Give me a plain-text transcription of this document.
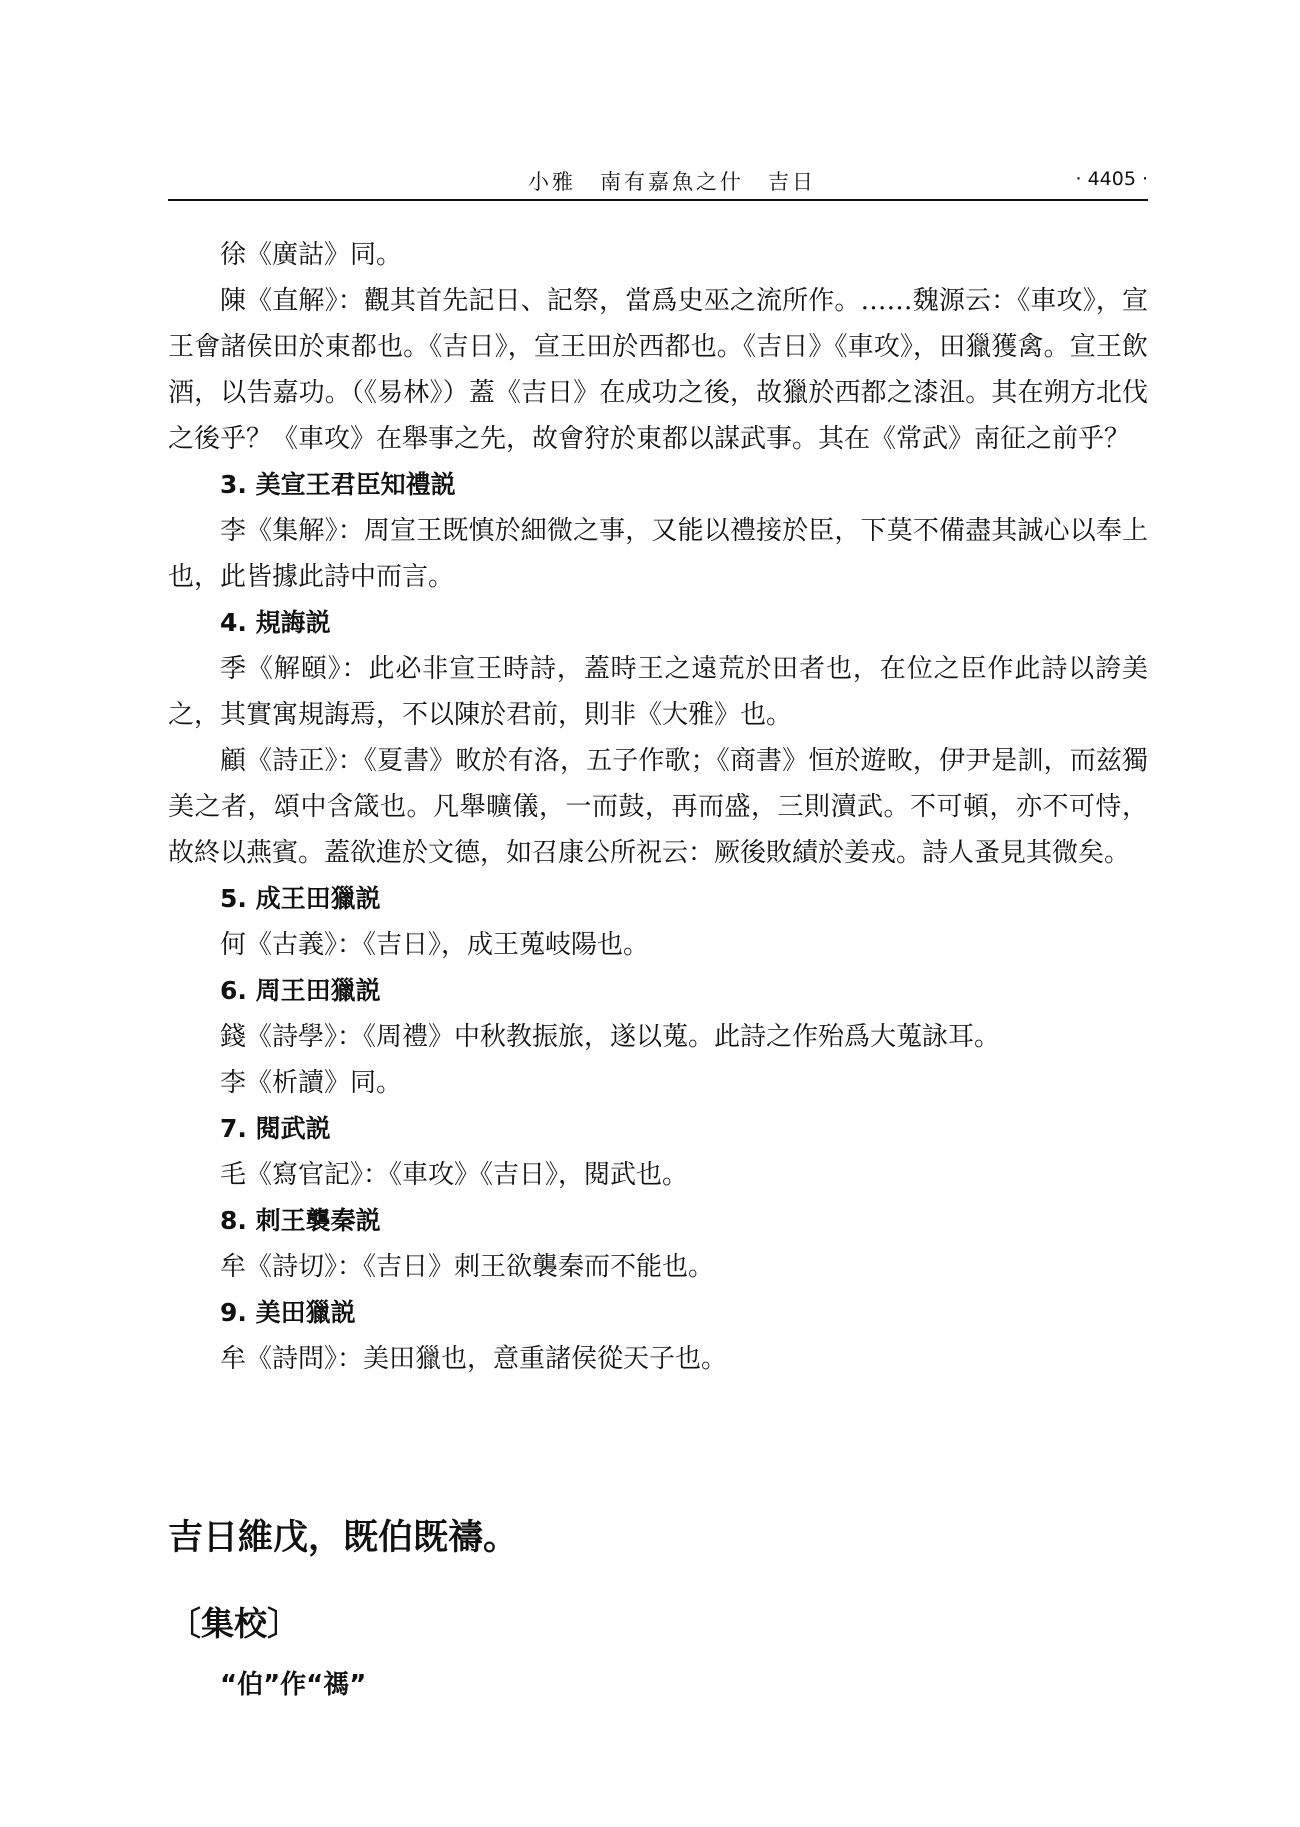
小雅　南有嘉魚之什　吉日	· 4405 ·

徐《廣詁》同。

陳《直解》：觀其首先記日、記祭，當爲史巫之流所作。……魏源云：《車攻》，宣王會諸侯田於東都也。《吉日》，宣王田於西都也。《吉日》《車攻》，田獵獲禽。宣王飲酒，以告嘉功。（《易林》）蓋《吉日》在成功之後，故獵於西都之漆沮。其在朔方北伐之後乎？《車攻》在舉事之先，故會狩於東都以謀武事。其在《常武》南征之前乎？

3. 美宣王君臣知禮説

李《集解》：周宣王既慎於細微之事，又能以禮接於臣，下莫不備盡其誠心以奉上也，此皆據此詩中而言。

4. 規誨説

季《解頤》：此必非宣王時詩，蓋時王之遠荒於田者也，在位之臣作此詩以誇美之，其實寓規誨焉，不以陳於君前，則非《大雅》也。

顧《詩正》：《夏書》畋於有洛，五子作歌；《商書》恒於遊畋，伊尹是訓，而兹獨美之者，頌中含箴也。凡舉曠儀，一而鼓，再而盛，三則瀆武。不可頓，亦不可恃，故終以燕賓。蓋欲進於文德，如召康公所祝云：厥後敗績於姜戎。詩人蚤見其微矣。

5. 成王田獵説

何《古義》：《吉日》，成王蒐岐陽也。

6. 周王田獵説

錢《詩學》：《周禮》中秋教振旅，遂以蒐。此詩之作殆爲大蒐詠耳。

李《析讀》同。

7. 閱武説

毛《寫官記》：《車攻》《吉日》，閱武也。

8. 刺王襲秦説

牟《詩切》：《吉日》刺王欲襲秦而不能也。

9. 美田獵説

牟《詩問》：美田獵也，意重諸侯從天子也。

吉日維戊，既伯既禱。
〔集校〕
“伯”作“禡”
